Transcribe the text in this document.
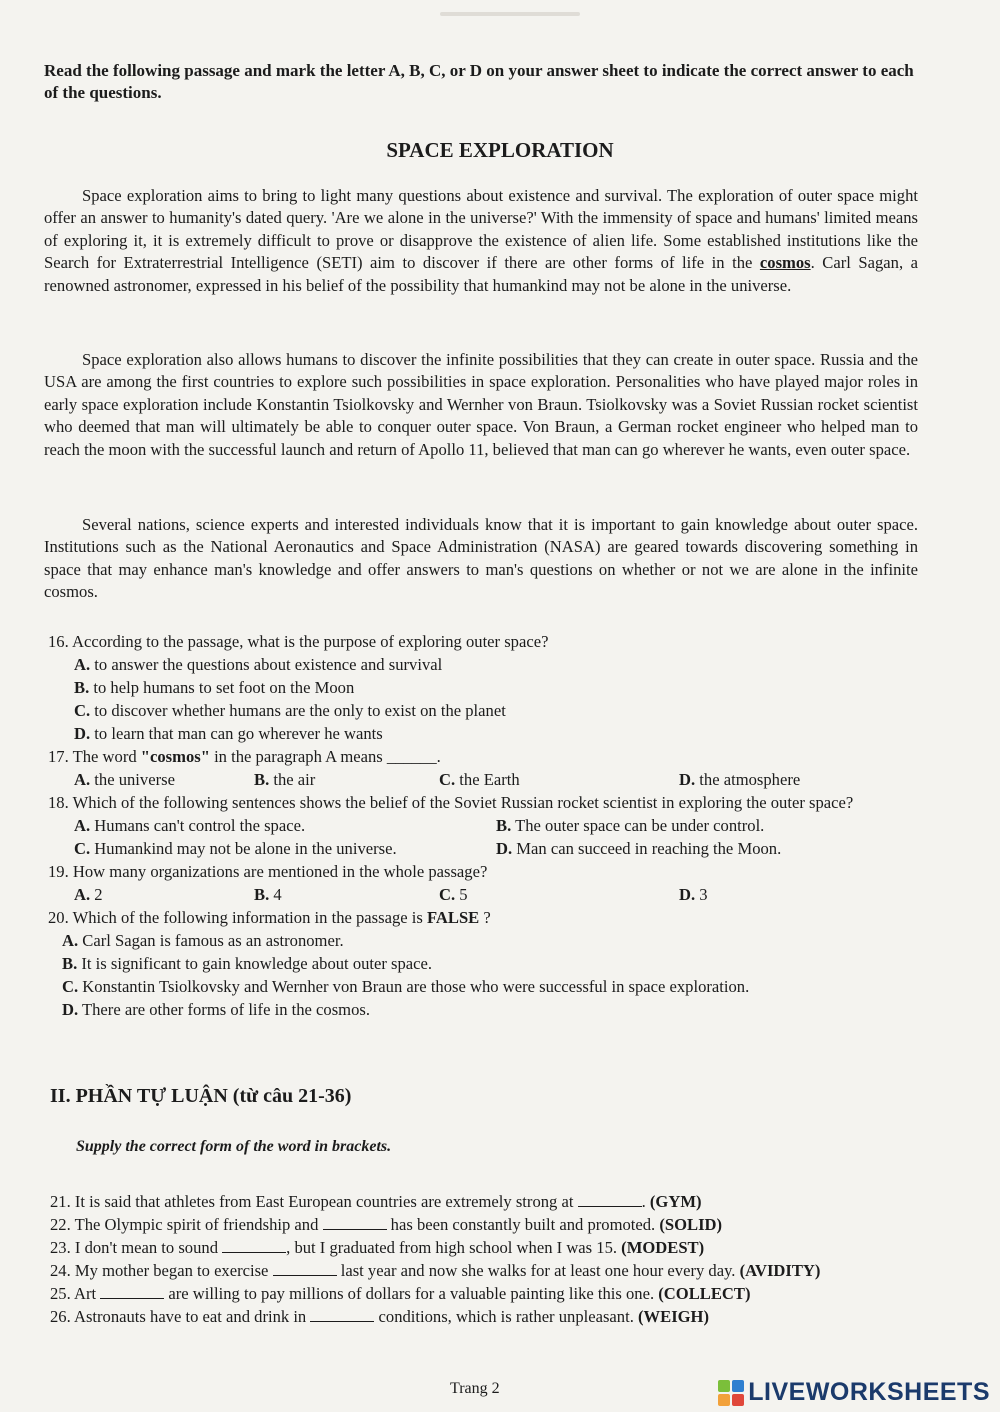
Read the following passage and mark the letter A, B, C, or D on your answer sheet to indicate the correct answer to each of the questions.
SPACE EXPLORATION

Space exploration aims to bring to light many questions about existence and survival. The exploration of outer space might offer an answer to humanity's dated query. 'Are we alone in the universe?' With the immensity of space and humans' limited means of exploring it, it is extremely difficult to prove or disapprove the existence of alien life. Some established institutions like the Search for Extraterrestrial Intelligence (SETI) aim to discover if there are other forms of life in the cosmos. Carl Sagan, a renowned astronomer, expressed in his belief of the possibility that humankind may not be alone in the universe.

Space exploration also allows humans to discover the infinite possibilities that they can create in outer space. Russia and the USA are among the first countries to explore such possibilities in space exploration. Personalities who have played major roles in early space exploration include Konstantin Tsiolkovsky and Wernher von Braun. Tsiolkovsky was a Soviet Russian rocket scientist who deemed that man will ultimately be able to conquer outer space. Von Braun, a German rocket engineer who helped man to reach the moon with the successful launch and return of Apollo 11, believed that man can go wherever he wants, even outer space.

Several nations, science experts and interested individuals know that it is important to gain knowledge about outer space. Institutions such as the National Aeronautics and Space Administration (NASA) are geared towards discovering something in space that may enhance man's knowledge and offer answers to man's questions on whether or not we are alone in the infinite cosmos.

16. According to the passage, what is the purpose of exploring outer space?

A. to answer the questions about existence and survival

B. to help humans to set foot on the Moon

C. to discover whether humans are the only to exist on the planet

D. to learn that man can go wherever he wants

17. The word "cosmos" in the paragraph A means ______.

A. the universe	B. the air	C. the Earth	D. the atmosphere

18. Which of the following sentences shows the belief of the Soviet Russian rocket scientist in exploring the outer space?

A. Humans can't control the space.	B. The outer space can be under control.
C. Humankind may not be alone in the universe.	D. Man can succeed in reaching the Moon.

19. How many organizations are mentioned in the whole passage?

A. 2	B. 4	C. 5	D. 3

20. Which of the following information in the passage is FALSE ?

A. Carl Sagan is famous as an astronomer.

B. It is significant to gain knowledge about outer space.

C. Konstantin Tsiolkovsky and Wernher von Braun are those who were successful in space exploration.

D. There are other forms of life in the cosmos.

II. PHẦN TỰ LUẬN (từ câu 21-36)
Supply the correct form of the word in brackets.

21. It is said that athletes from East European countries are extremely strong at	. (GYM)

22. The Olympic spirit of friendship and	has been constantly built and promoted. (SOLID)

23. I don't mean to sound	, but I graduated from high school when I was 15. (MODEST)

24. My mother began to exercise	last year and now she walks for at least one hour every day. (AVIDITY)

25. Art	are willing to pay millions of dollars for a valuable painting like this one. (COLLECT)

26. Astronauts have to eat and drink in	conditions, which is rather unpleasant. (WEIGH)

Trang 2	LIVEWORKSHEETS
